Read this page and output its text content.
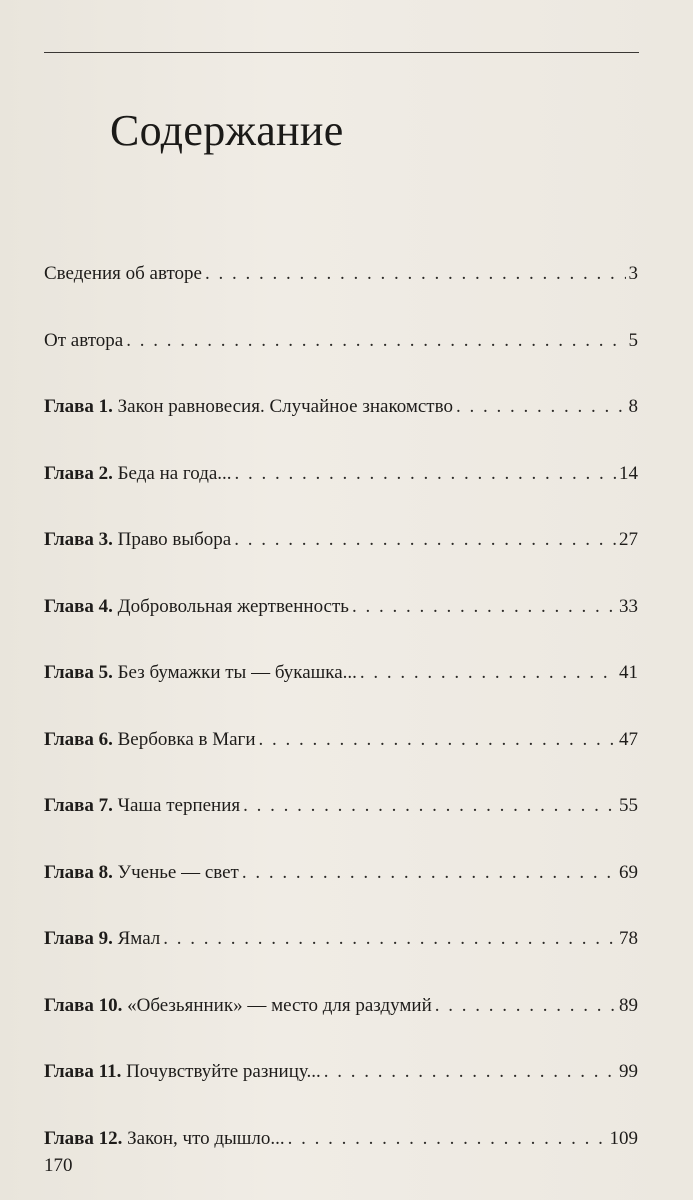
Содержание
Сведения об авторе . . .	3
От автора . . .	5
Глава 1. Закон равновесия. Случайное знакомство . . .	8
Глава 2. Беда на года... . . .	14
Глава 3. Право выбора . . .	27
Глава 4. Добровольная жертвенность . . .	33
Глава 5. Без бумажки ты — букашка... . . .	41
Глава 6. Вербовка в Маги . . .	47
Глава 7. Чаша терпения . . .	55
Глава 8. Ученье — свет . . .	69
Глава 9. Ямал . . .	78
Глава 10. «Обезьянник» — место для раздумий . . .	89
Глава 11. Почувствуйте разницу... . . .	99
Глава 12. Закон, что дышло... . . .	109
170
